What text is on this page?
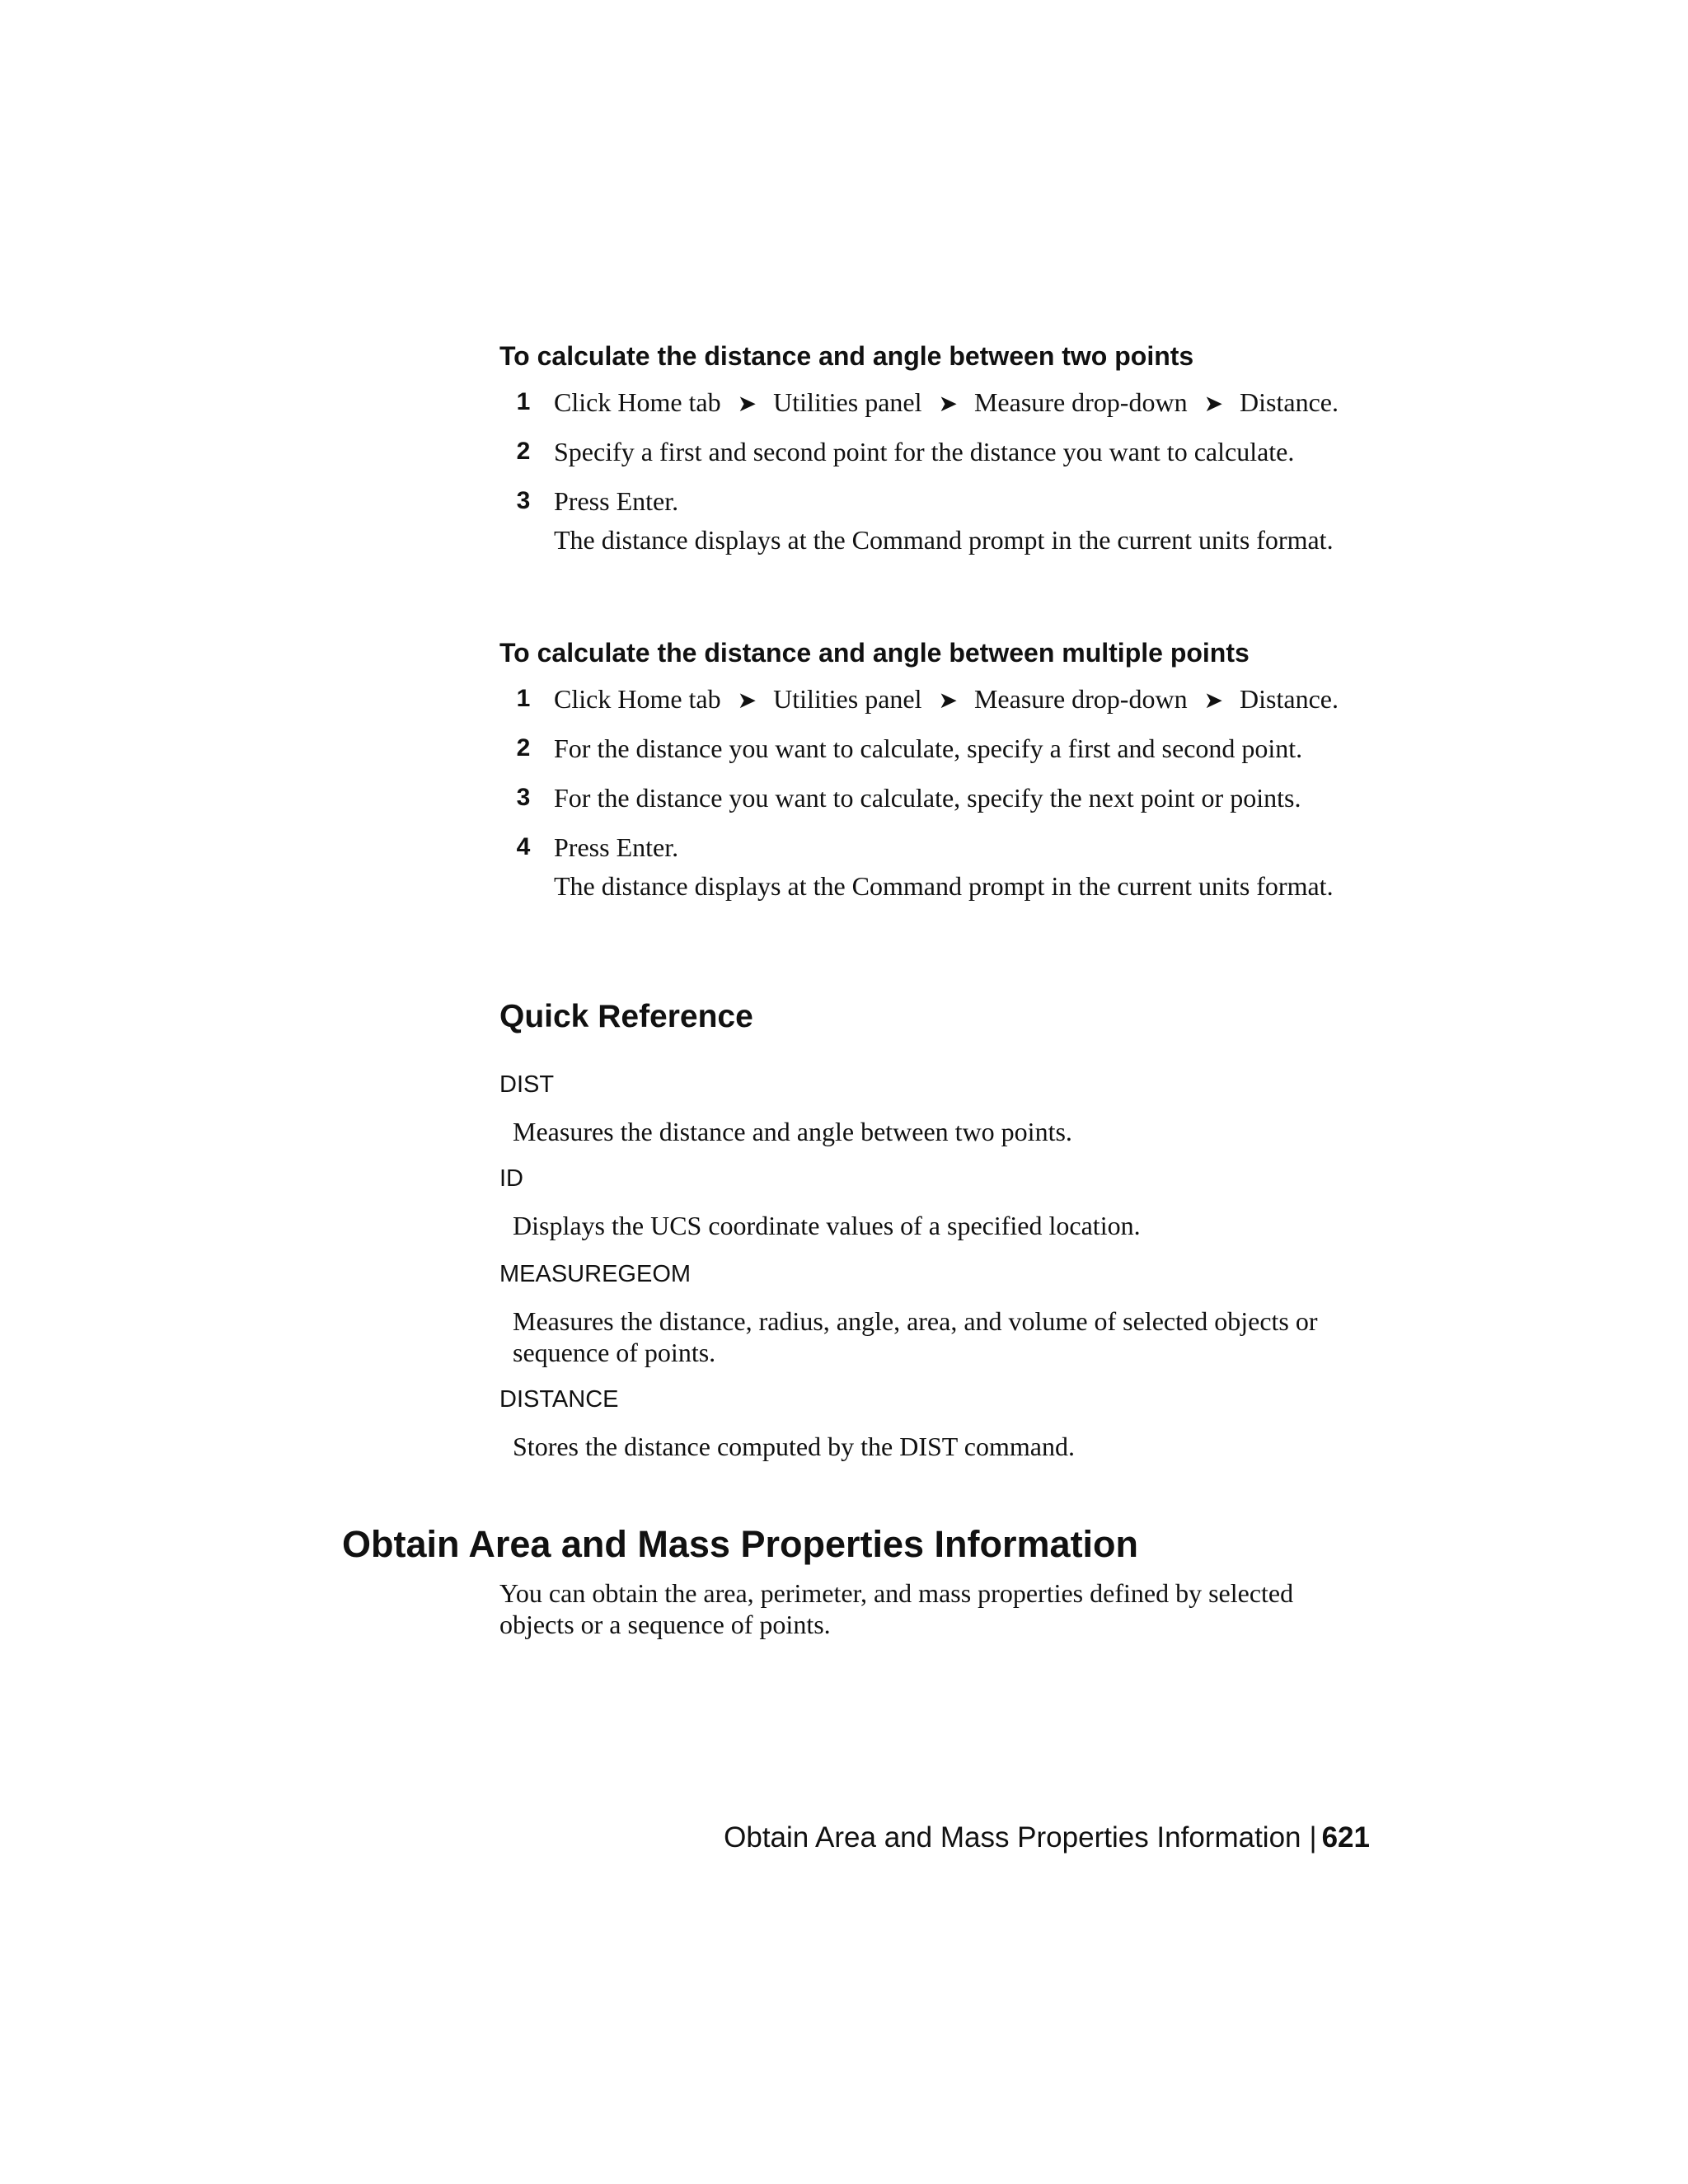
To calculate the distance and angle between two points
1 Click Home tab ➤ Utilities panel ➤ Measure drop-down ➤ Distance.
2 Specify a first and second point for the distance you want to calculate.
3 Press Enter.
The distance displays at the Command prompt in the current units format.
To calculate the distance and angle between multiple points
1 Click Home tab ➤ Utilities panel ➤ Measure drop-down ➤ Distance.
2 For the distance you want to calculate, specify a first and second point.
3 For the distance you want to calculate, specify the next point or points.
4 Press Enter.
The distance displays at the Command prompt in the current units format.
Quick Reference
DIST
Measures the distance and angle between two points.
ID
Displays the UCS coordinate values of a specified location.
MEASUREGEOM
Measures the distance, radius, angle, area, and volume of selected objects or sequence of points.
DISTANCE
Stores the distance computed by the DIST command.
Obtain Area and Mass Properties Information
You can obtain the area, perimeter, and mass properties defined by selected objects or a sequence of points.
Obtain Area and Mass Properties Information | 621
